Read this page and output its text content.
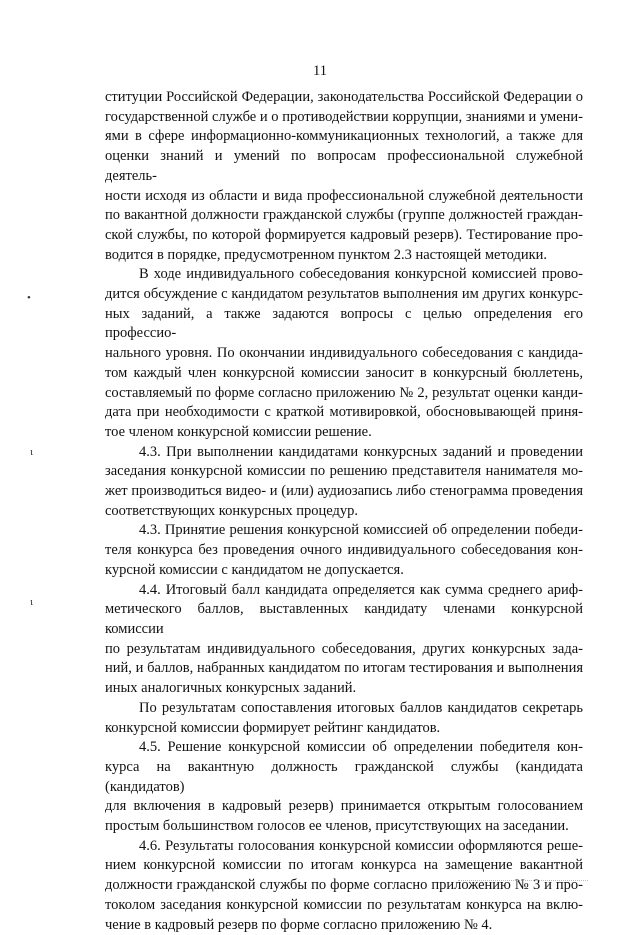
11
•
ι
ι
ституции Российской Федерации, законодательства Российской Федерации о
государственной службе и о противодействии коррупции, знаниями и умени-
ями в сфере информационно-коммуникационных технологий, а также для
оценки знаний и умений по вопросам профессиональной служебной деятель-
ности исходя из области и вида профессиональной служебной деятельности
по вакантной должности гражданской службы (группе должностей граждан-
ской службы, по которой формируется кадровый резерв). Тестирование про-
водится в порядке, предусмотренном пунктом 2.3 настоящей методики.
В ходе индивидуального собеседования конкурсной комиссией прово-
дится обсуждение с кандидатом результатов выполнения им других конкурс-
ных заданий, а также задаются вопросы с целью определения его профессио-
нального уровня. По окончании индивидуального собеседования с кандида-
том каждый член конкурсной комиссии заносит в конкурсный бюллетень,
составляемый по форме согласно приложению № 2, результат оценки канди-
дата при необходимости с краткой мотивировкой, обосновывающей приня-
тое членом конкурсной комиссии решение.
4.3. При выполнении кандидатами конкурсных заданий и проведении
заседания конкурсной комиссии по решению представителя нанимателя мо-
жет производиться видео- и (или) аудиозапись либо стенограмма проведения
соответствующих конкурсных процедур.
4.3. Принятие решения конкурсной комиссией об определении победи-
теля конкурса без проведения очного индивидуального собеседования кон-
курсной комиссии с кандидатом не допускается.
4.4. Итоговый балл кандидата определяется как сумма среднего ариф-
метического баллов, выставленных кандидату членами конкурсной комиссии
по результатам индивидуального собеседования, других конкурсных зада-
ний, и баллов, набранных кандидатом по итогам тестирования и выполнения
иных аналогичных конкурсных заданий.
По результатам сопоставления итоговых баллов кандидатов секретарь
конкурсной комиссии формирует рейтинг кандидатов.
4.5. Решение конкурсной комиссии об определении победителя кон-
курса на вакантную должность гражданской службы (кандидата (кандидатов)
для включения в кадровый резерв) принимается открытым голосованием
простым большинством голосов ее членов, присутствующих на заседании.
4.6. Результаты голосования конкурсной комиссии оформляются реше-
нием конкурсной комиссии по итогам конкурса на замещение вакантной
должности гражданской службы по форме согласно приложению № 3 и про-
токолом заседания конкурсной комиссии по результатам конкурса на вклю-
чение в кадровый резерв по форме согласно приложению № 4.
